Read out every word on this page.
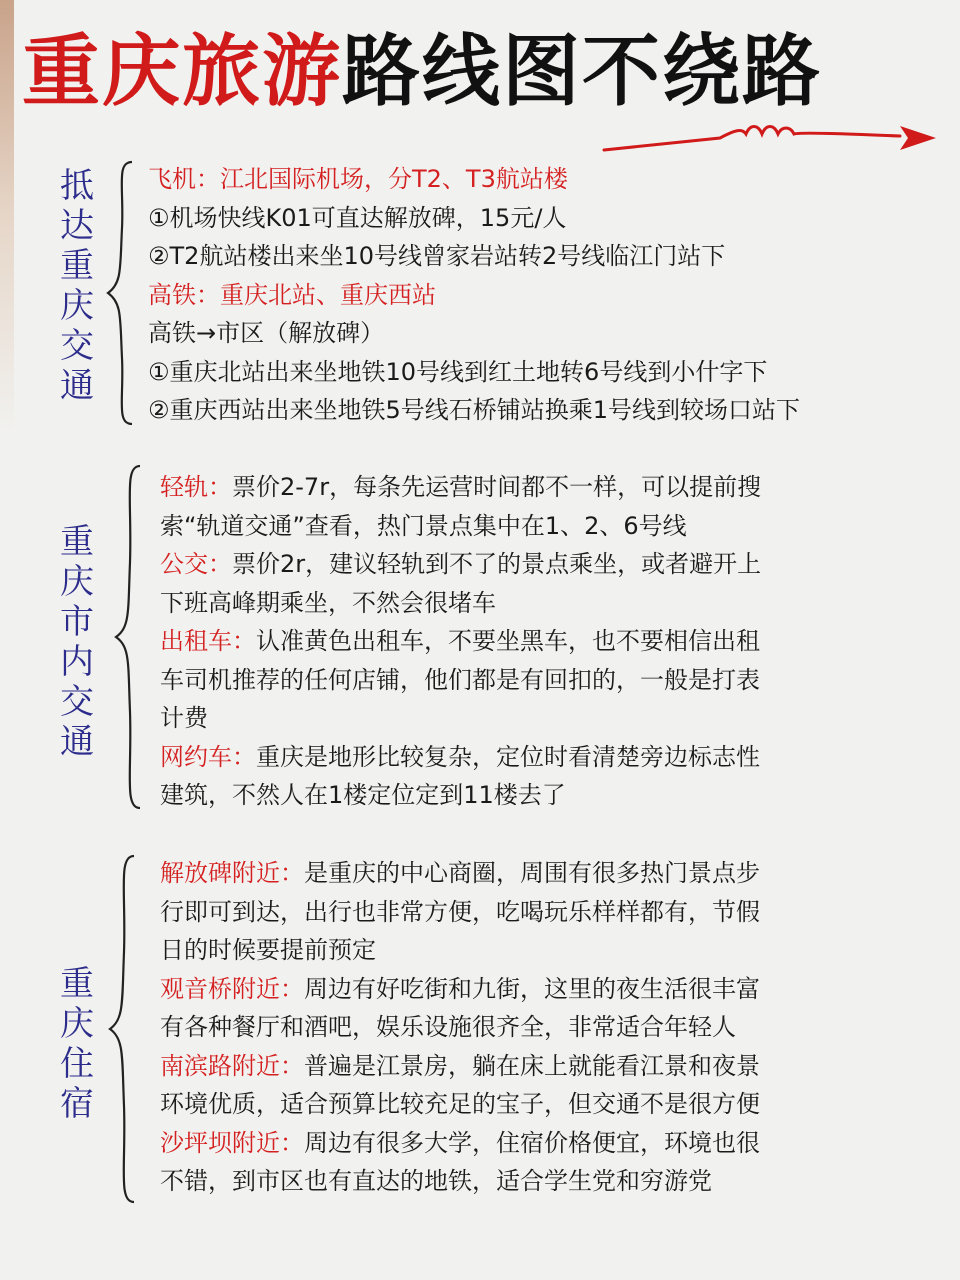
重庆旅游路线图不绕路
抵达重庆交通
飞机：江北国际机场，分T2、T3航站楼
①机场快线K01可直达解放碑，15元/人
②T2航站楼出来坐10号线曾家岩站转2号线临江门站下
高铁：重庆北站、重庆西站
高铁→市区（解放碑）
①重庆北站出来坐地铁10号线到红土地转6号线到小什字下
②重庆西站出来坐地铁5号线石桥铺站换乘1号线到较场口站下
重庆市内交通
轻轨：票价2-7r，每条先运营时间都不一样，可以提前搜
索“轨道交通”查看，热门景点集中在1、2、6号线
公交：票价2r，建议轻轨到不了的景点乘坐，或者避开上
下班高峰期乘坐，不然会很堵车
出租车：认准黄色出租车，不要坐黑车，也不要相信出租
车司机推荐的任何店铺，他们都是有回扣的，一般是打表
计费
网约车：重庆是地形比较复杂，定位时看清楚旁边标志性
建筑，不然人在1楼定位定到11楼去了
重庆住宿
解放碑附近：是重庆的中心商圈，周围有很多热门景点步
行即可到达，出行也非常方便，吃喝玩乐样样都有，节假
日的时候要提前预定
观音桥附近：周边有好吃街和九街，这里的夜生活很丰富
有各种餐厅和酒吧，娱乐设施很齐全，非常适合年轻人
南滨路附近：普遍是江景房，躺在床上就能看江景和夜景
环境优质，适合预算比较充足的宝子，但交通不是很方便
沙坪坝附近：周边有很多大学，住宿价格便宜，环境也很
不错，到市区也有直达的地铁，适合学生党和穷游党
